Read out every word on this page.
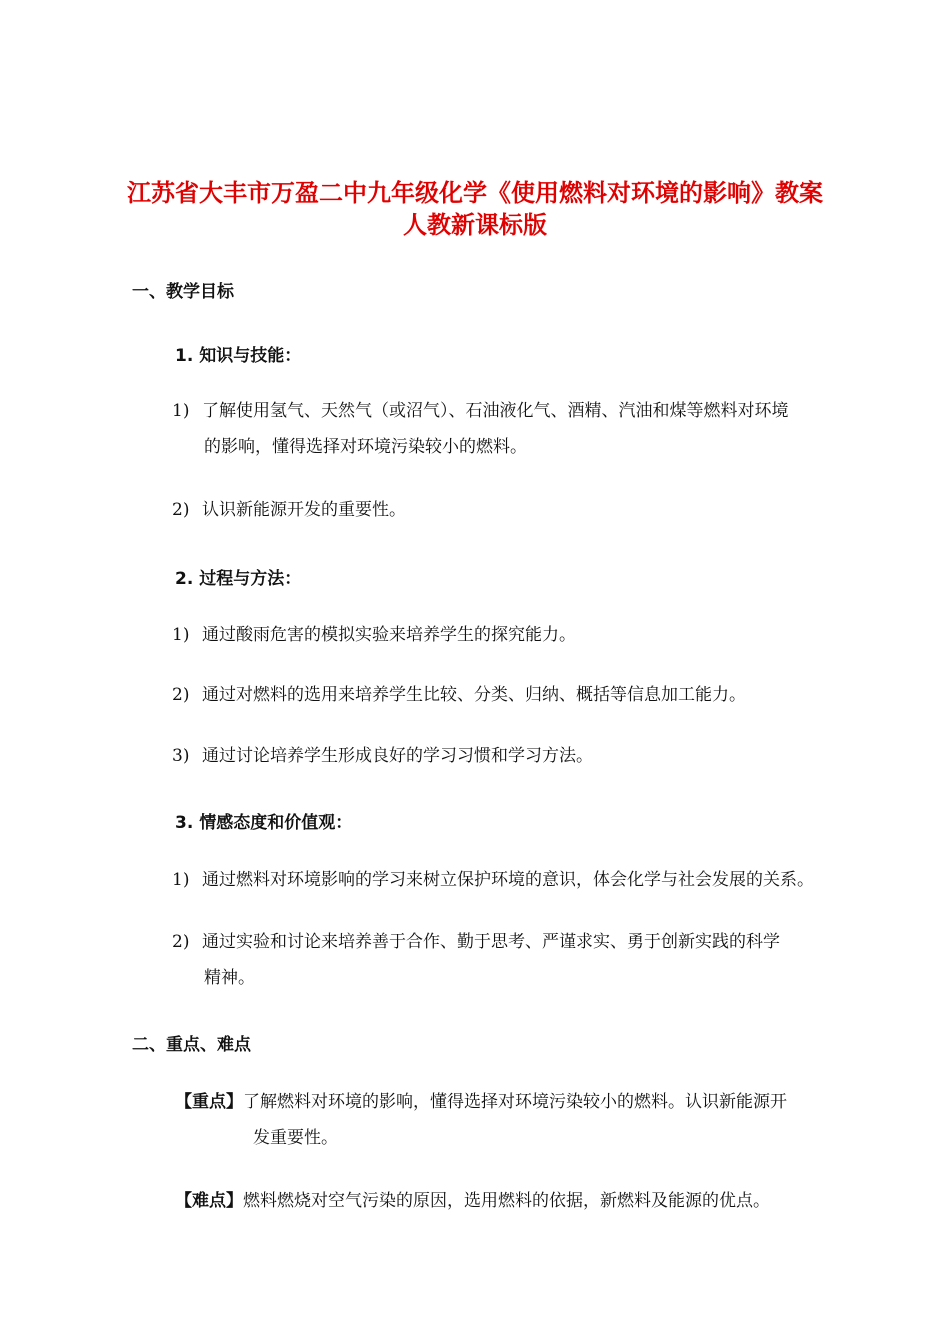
江苏省大丰市万盈二中九年级化学《使用燃料对环境的影响》教案
人教新课标版
一、教学目标
1. 知识与技能：
1) 了解使用氢气、天然气（或沼气）、石油液化气、酒精、汽油和煤等燃料对环境
的影响，懂得选择对环境污染较小的燃料。
2) 认识新能源开发的重要性。
2. 过程与方法：
1) 通过酸雨危害的模拟实验来培养学生的探究能力。
2) 通过对燃料的选用来培养学生比较、分类、归纳、概括等信息加工能力。
3) 通过讨论培养学生形成良好的学习习惯和学习方法。
3. 情感态度和价值观：
1) 通过燃料对环境影响的学习来树立保护环境的意识，体会化学与社会发展的关系。
2) 通过实验和讨论来培养善于合作、勤于思考、严谨求实、勇于创新实践的科学
精神。
二、重点、难点
【重点】了解燃料对环境的影响，懂得选择对环境污染较小的燃料。认识新能源开
发重要性。
【难点】燃料燃烧对空气污染的原因，选用燃料的依据，新燃料及能源的优点。
